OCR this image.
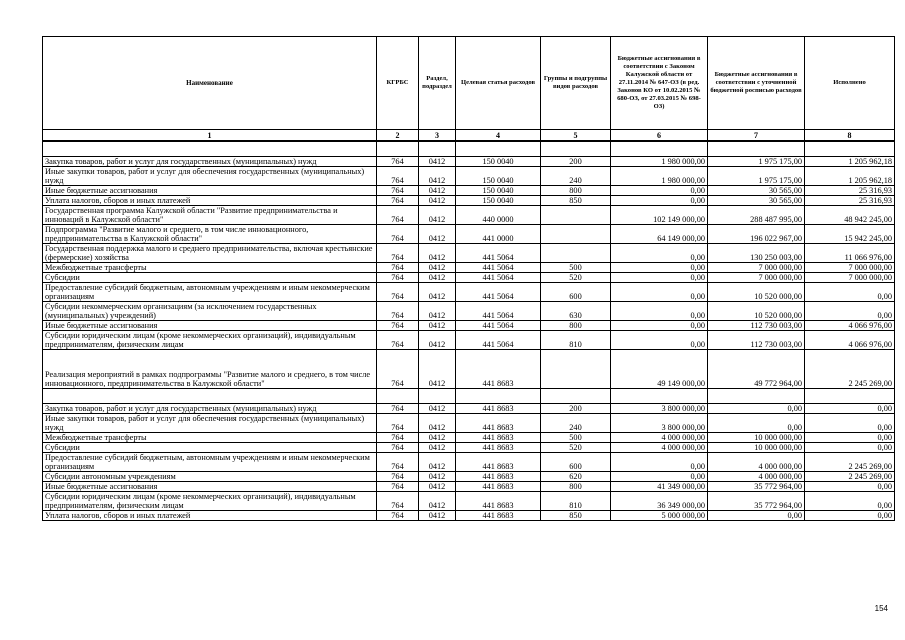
Наименование	КГРБС	Раздел, подраздел	Целевая статья расходов	Группы и подгруппы видов расходов	Бюджетные ассигнования в соответствии с Законом Калужской области от 27.11.2014 № 647-ОЗ (в ред. Законов КО от 10.02.2015 № 680-ОЗ, от 27.03.2015 № 698-ОЗ)	Бюджетные ассигнования в соответствии с уточненной бюджетной росписью расходов	Исполнено
1	2	3	4	5	6	7	8

Закупка товаров, работ и услуг для государственных (муниципальных) нужд	764	0412	150 0040	200	1 980 000,00	1 975 175,00	1 205 962,18
Иные закупки товаров, работ и услуг для обеспечения государственных (муниципальных) нужд	764	0412	150 0040	240	1 980 000,00	1 975 175,00	1 205 962,18
Иные бюджетные ассигнования	764	0412	150 0040	800	0,00	30 565,00	25 316,93
Уплата налогов, сборов и иных платежей	764	0412	150 0040	850	0,00	30 565,00	25 316,93
Государственная программа Калужской области "Развитие предпринимательства и инноваций в Калужской области"	764	0412	440 0000		102 149 000,00	288 487 995,00	48 942 245,00
Подпрограмма "Развитие малого и среднего, в том числе инновационного, предпринимательства в Калужской области"	764	0412	441 0000		64 149 000,00	196 022 967,00	15 942 245,00
Государственная поддержка малого и среднего предпринимательства, включая крестьянские (фермерские) хозяйства	764	0412	441 5064		0,00	130 250 003,00	11 066 976,00
Межбюджетные трансферты	764	0412	441 5064	500	0,00	7 000 000,00	7 000 000,00
Субсидии	764	0412	441 5064	520	0,00	7 000 000,00	7 000 000,00
Предоставление субсидий бюджетным, автономным учреждениям и иным некоммерческим организациям	764	0412	441 5064	600	0,00	10 520 000,00	0,00
Субсидии некоммерческим организациям (за исключением государственных (муниципальных) учреждений)	764	0412	441 5064	630	0,00	10 520 000,00	0,00
Иные бюджетные ассигнования	764	0412	441 5064	800	0,00	112 730 003,00	4 066 976,00
Субсидии юридическим лицам (кроме некоммерческих организаций), индивидуальным предпринимателям, физическим лицам	764	0412	441 5064	810	0,00	112 730 003,00	4 066 976,00
Реализация мероприятий в рамках подпрограммы "Развитие малого и среднего, в том числе инновационного, предпринимательства в Калужской области"	764	0412	441 8683		49 149 000,00	49 772 964,00	2 245 269,00

Закупка товаров, работ и услуг для государственных (муниципальных) нужд	764	0412	441 8683	200	3 800 000,00	0,00	0,00
Иные закупки товаров, работ и услуг для обеспечения государственных (муниципальных) нужд	764	0412	441 8683	240	3 800 000,00	0,00	0,00
Межбюджетные трансферты	764	0412	441 8683	500	4 000 000,00	10 000 000,00	0,00
Субсидии	764	0412	441 8683	520	4 000 000,00	10 000 000,00	0,00
Предоставление субсидий бюджетным, автономным учреждениям и иным некоммерческим организациям	764	0412	441 8683	600	0,00	4 000 000,00	2 245 269,00
Субсидии автономным учреждениям	764	0412	441 8683	620	0,00	4 000 000,00	2 245 269,00
Иные бюджетные ассигнования	764	0412	441 8683	800	41 349 000,00	35 772 964,00	0,00
Субсидии юридическим лицам (кроме некоммерческих организаций), индивидуальным предпринимателям, физическим лицам	764	0412	441 8683	810	36 349 000,00	35 772 964,00	0,00
Уплата налогов, сборов и иных платежей	764	0412	441 8683	850	5 000 000,00	0,00	0,00
154
